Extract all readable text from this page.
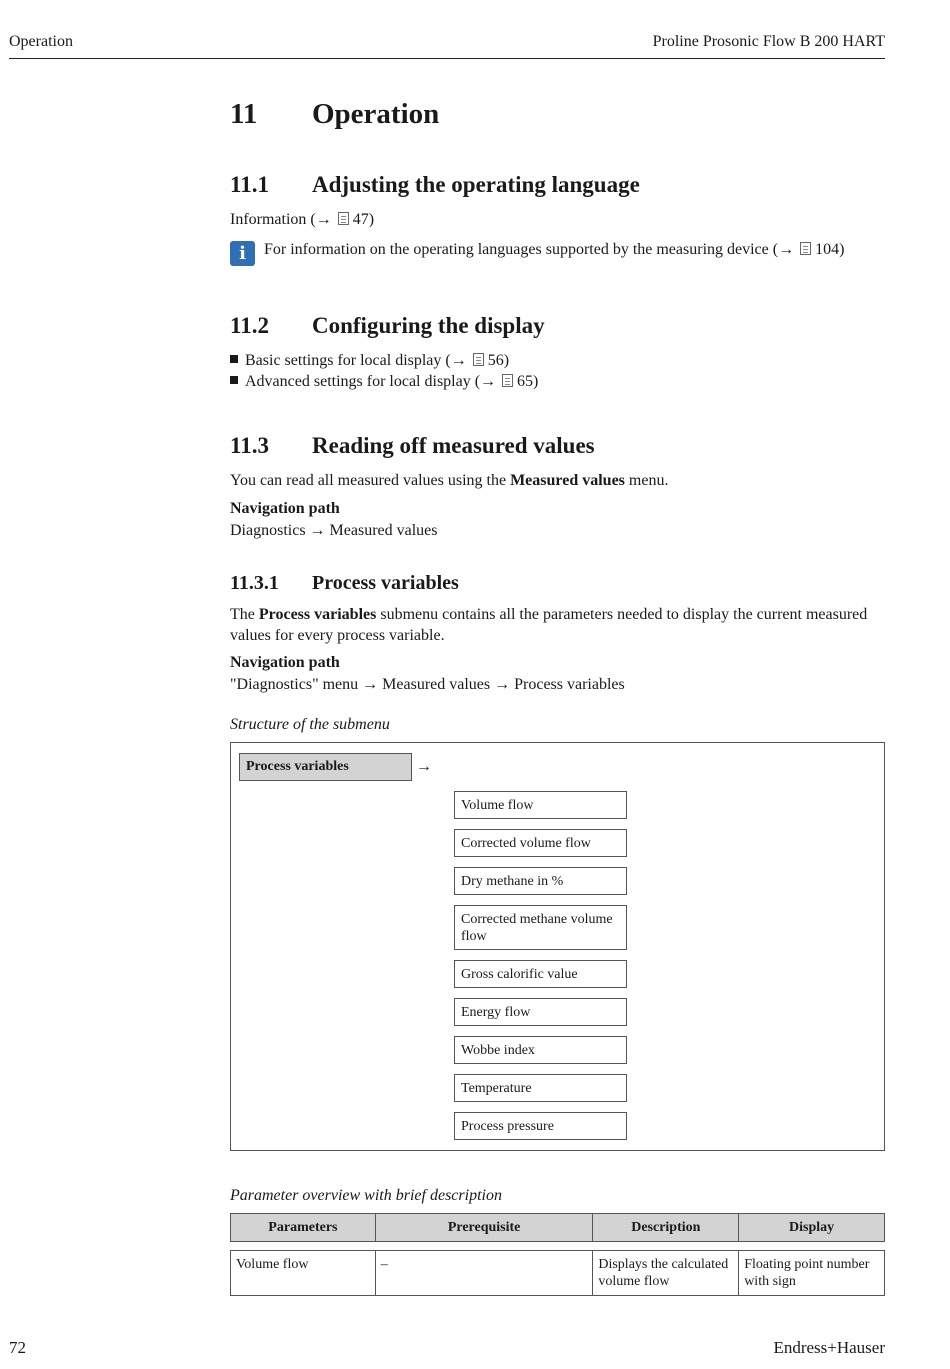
Operation	Proline Prosonic Flow B 200 HART
11 Operation
11.1 Adjusting the operating language
Information (→ 47)
i	For information on the operating languages supported by the measuring device (→ 104)
11.2 Configuring the display
Basic settings for local display (→ 56)
Advanced settings for local display (→ 65)
11.3 Reading off measured values
You can read all measured values using the Measured values menu.
Navigation path
Diagnostics → Measured values
11.3.1 Process variables
The Process variables submenu contains all the parameters needed to display the current measured
values for every process variable.
Navigation path
"Diagnostics" menu → Measured values → Process variables
Structure of the submenu
Process variables	→
Volume flow
Corrected volume flow
Dry methane in %
Corrected methane volume flow
Gross calorific value
Energy flow
Wobbe index
Temperature
Process pressure
Parameter overview with brief description
Parameters	Prerequisite	Description	Display
Volume flow	–	Displays the calculated volume flow	Floating point number with sign
72	Endress+Hauser
